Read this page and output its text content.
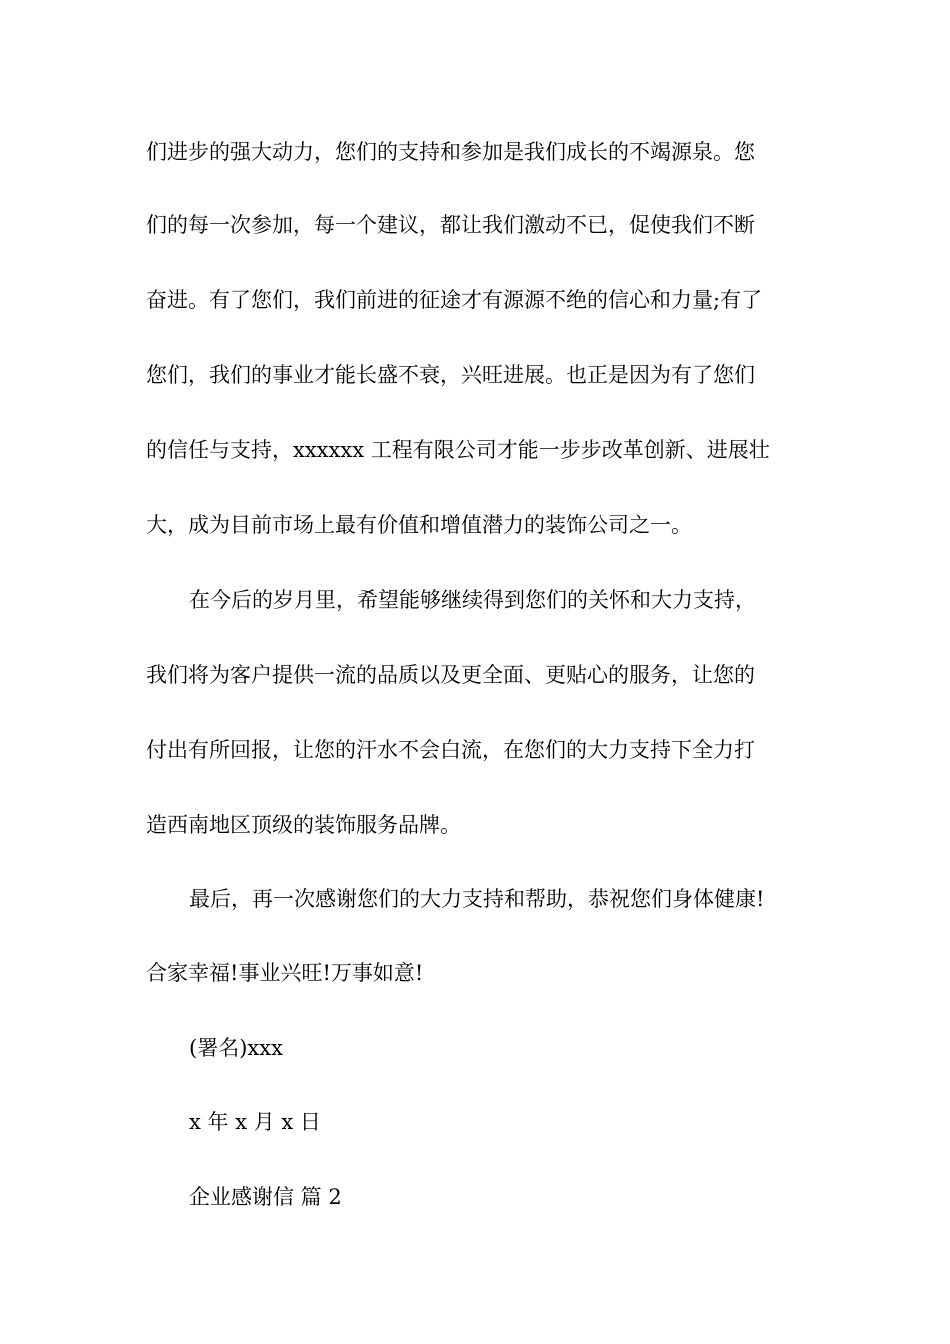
们进步的强大动力，您们的支持和参加是我们成长的不竭源泉。您
们的每一次参加，每一个建议，都让我们激动不已，促使我们不断
奋进。有了您们，我们前进的征途才有源源不绝的信心和力量;有了
您们，我们的事业才能长盛不衰，兴旺进展。也正是因为有了您们
的信任与支持，xxxxxx 工程有限公司才能一步步改革创新、进展壮
大，成为目前市场上最有价值和增值潜力的装饰公司之一。
在今后的岁月里，希望能够继续得到您们的关怀和大力支持，
我们将为客户提供一流的品质以及更全面、更贴心的服务，让您的
付出有所回报，让您的汗水不会白流，在您们的大力支持下全力打
造西南地区顶级的装饰服务品牌。
最后，再一次感谢您们的大力支持和帮助，恭祝您们身体健康!
合家幸福!事业兴旺!万事如意!
(署名)xxx
x 年 x 月 x 日
企业感谢信 篇 2
